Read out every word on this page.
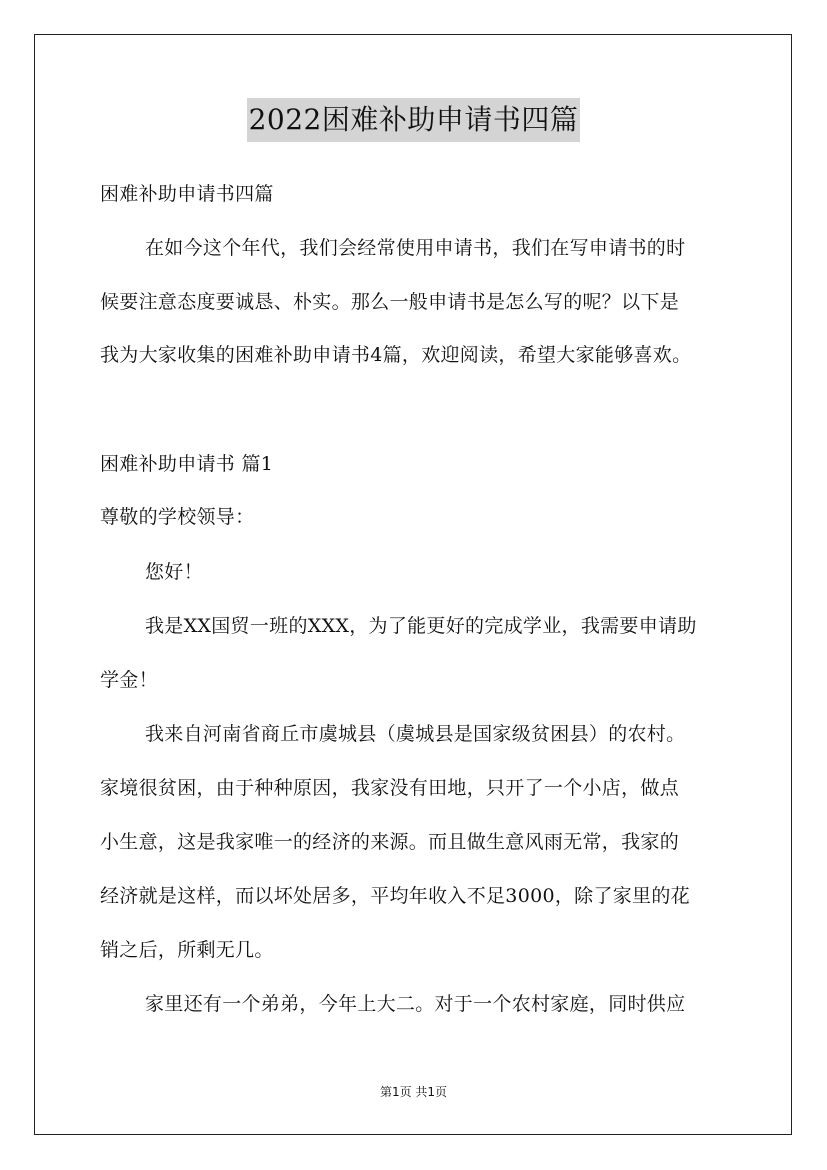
2022困难补助申请书四篇
困难补助申请书四篇
在如今这个年代，我们会经常使用申请书，我们在写申请书的时
候要注意态度要诚恳、朴实。那么一般申请书是怎么写的呢？以下是
我为大家收集的困难补助申请书4篇，欢迎阅读，希望大家能够喜欢。
困难补助申请书 篇1
尊敬的学校领导：
您好！
我是XX国贸一班的XXX，为了能更好的完成学业，我需要申请助
学金！
我来自河南省商丘市虞城县（虞城县是国家级贫困县）的农村。
家境很贫困，由于种种原因，我家没有田地，只开了一个小店，做点
小生意，这是我家唯一的经济的来源。而且做生意风雨无常，我家的
经济就是这样，而以坏处居多，平均年收入不足3000，除了家里的花
销之后，所剩无几。
家里还有一个弟弟，今年上大二。对于一个农村家庭，同时供应
第1页 共1页
